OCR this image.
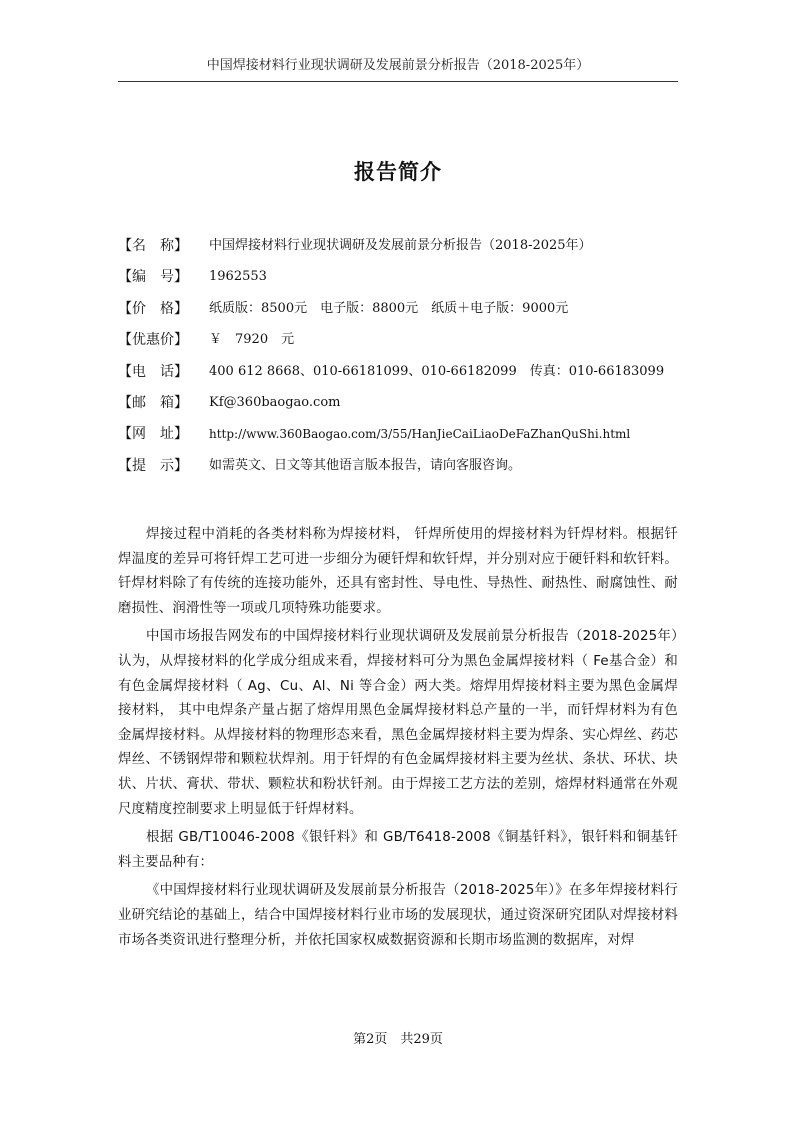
中国焊接材料行业现状调研及发展前景分析报告（2018-2025年）
报告简介
【名　称】	中国焊接材料行业现状调研及发展前景分析报告（2018-2025年）
【编　号】	1962553
【价　格】	纸质版：8500元　电子版：8800元　纸质＋电子版：9000元
【优惠价】	￥　7920　元
【电　话】	400 612 8668、010-66181099、010-66182099　传真：010-66183099
【邮　箱】	Kf@360baogao.com
【网　址】	http://www.360Baogao.com/3/55/HanJieCaiLiaoDeFaZhanQuShi.html
【提　示】	如需英文、日文等其他语言版本报告，请向客服咨询。

焊接过程中消耗的各类材料称为焊接材料， 钎焊所使用的焊接材料为钎焊材料。根据钎焊温度的差异可将钎焊工艺可进一步细分为硬钎焊和软钎焊，并分别对应于硬钎料和软钎料。钎焊材料除了有传统的连接功能外，还具有密封性、导电性、导热性、耐热性、耐腐蚀性、耐磨损性、润滑性等一项或几项特殊功能要求。

中国市场报告网发布的中国焊接材料行业现状调研及发展前景分析报告（2018-2025年）认为，从焊接材料的化学成分组成来看，焊接材料可分为黑色金属焊接材料（ Fe基合金）和有色金属焊接材料（ Ag、Cu、Al、Ni 等合金）两大类。熔焊用焊接材料主要为黑色金属焊接材料， 其中电焊条产量占据了熔焊用黑色金属焊接材料总产量的一半，而钎焊材料为有色金属焊接材料。从焊接材料的物理形态来看，黑色金属焊接材料主要为焊条、实心焊丝、药芯焊丝、不锈钢焊带和颗粒状焊剂。用于钎焊的有色金属焊接材料主要为丝状、条状、环状、块状、片状、膏状、带状、颗粒状和粉状钎剂。由于焊接工艺方法的差别，熔焊材料通常在外观尺度精度控制要求上明显低于钎焊材料。

根据 GB/T10046-2008《银钎料》和 GB/T6418-2008《铜基钎料》，银钎料和铜基钎料主要品种有：

《中国焊接材料行业现状调研及发展前景分析报告（2018-2025年）》在多年焊接材料行业研究结论的基础上，结合中国焊接材料行业市场的发展现状，通过资深研究团队对焊接材料市场各类资讯进行整理分析，并依托国家权威数据资源和长期市场监测的数据库，对焊

第2页　共29页
